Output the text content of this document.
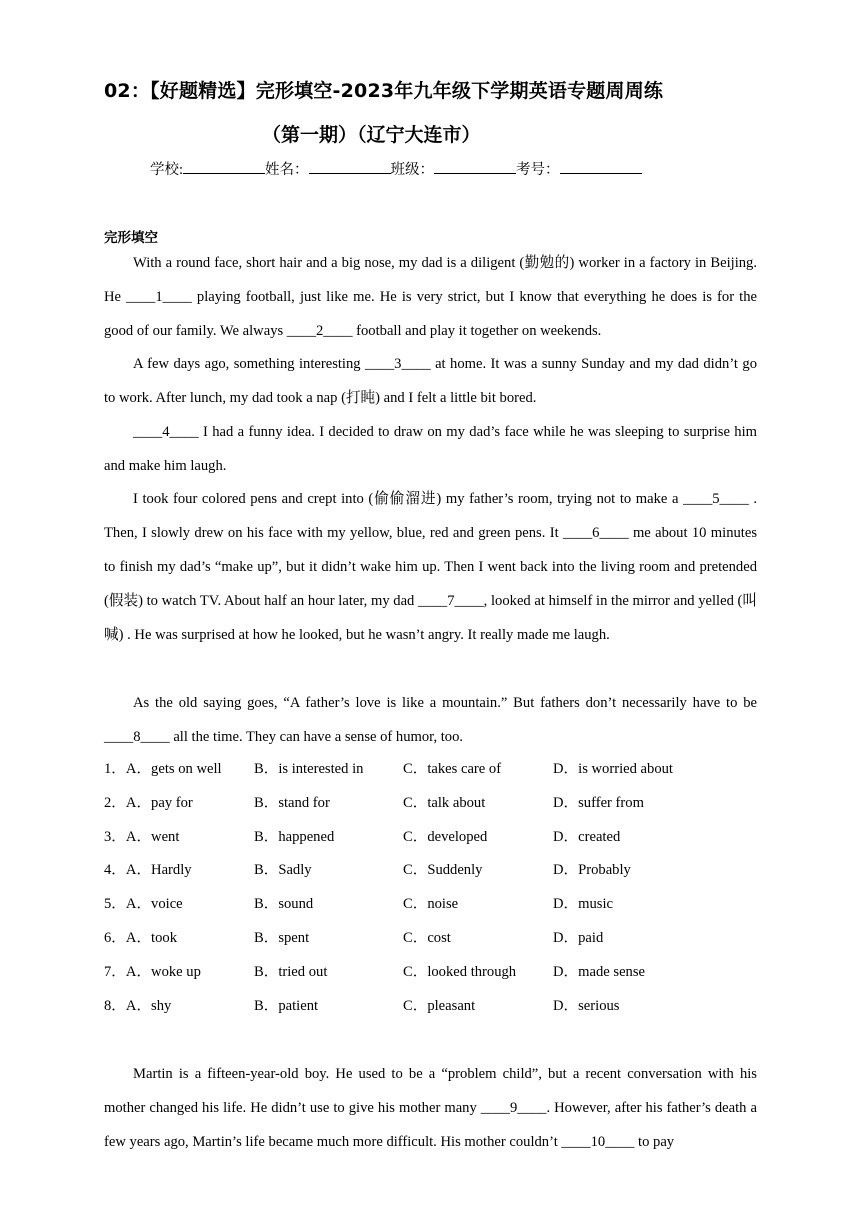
02：【好题精选】完形填空-2023年九年级下学期英语专题周周练
（第一期）（辽宁大连市）
学校:	姓名：	班级：	考号：
完形填空

With a round face, short hair and a big nose, my dad is a diligent (勤勉的) worker in a factory in Beijing. He ____1____ playing football, just like me. He is very strict, but I know that everything he does is for the good of our family. We always ____2____ football and play it together on weekends.

A few days ago, something interesting ____3____ at home. It was a sunny Sunday and my dad didn’t go to work. After lunch, my dad took a nap (打盹) and I felt a little bit bored.

____4____ I had a funny idea. I decided to draw on my dad’s face while he was sleeping to surprise him and make him laugh.

I took four colored pens and crept into (偷偷溜进) my father’s room, trying not to make a ____5____ . Then, I slowly drew on his face with my yellow, blue, red and green pens. It ____6____ me about 10 minutes to finish my dad’s “make up”, but it didn’t wake him up. Then I went back into the living room and pretended (假装) to watch TV. About half an hour later, my dad ____7____, looked at himself in the mirror and yelled (叫喊) . He was surprised at how he looked, but he wasn’t angry. It really made me laugh.

As the old saying goes, “A father’s love is like a mountain.” But fathers don’t necessarily have to be ____8____ all the time. They can have a sense of humor, too.

1．A．gets on well B．is interested in	C．takes care of	D．is worried about
2．A．pay for	B．stand for	C．talk about	D．suffer from
3．A．went	B．happened	C．developed	D．created
4．A．Hardly	B．Sadly	C．Suddenly	D．Probably
5．A．voice	B．sound	C．noise	D．music
6．A．took	B．spent	C．cost	D．paid
7．A．woke up	B．tried out	C．looked through	D．made sense
8．A．shy	B．patient	C．pleasant	D．serious

Martin is a fifteen-year-old boy. He used to be a “problem child”, but a recent conversation with his mother changed his life. He didn’t use to give his mother many ____9____. However, after his father’s death a few years ago, Martin’s life became much more difficult. His mother couldn’t ____10____ to pay
